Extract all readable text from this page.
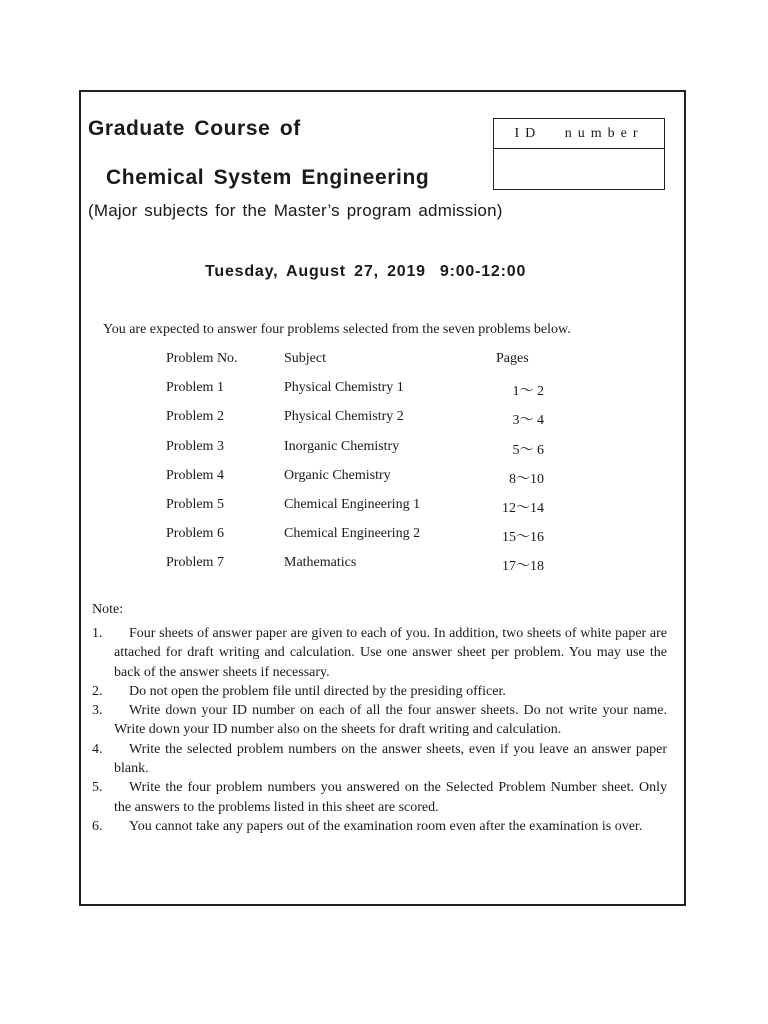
Graduate Course of
Chemical System Engineering
(Major subjects for the Master’s program admission)
ID number
Tuesday, August 27, 2019 9:00-12:00
You are expected to answer four problems selected from the seven problems below.
Problem No.	Subject	Pages
Problem 1	Physical Chemistry 1	1〜 2
Problem 2	Physical Chemistry 2	3〜 4
Problem 3	Inorganic Chemistry	5〜 6
Problem 4	Organic Chemistry	8〜10
Problem 5	Chemical Engineering 1	12〜14
Problem 6	Chemical Engineering 2	15〜16
Problem 7	Mathematics	17〜18
Note:
1.	Four sheets of answer paper are given to each of you. In addition, two sheets of white paper are attached for draft writing and calculation. Use one answer sheet per problem. You may use the back of the answer sheets if necessary.
2.	Do not open the problem file until directed by the presiding officer.
3.	Write down your ID number on each of all the four answer sheets. Do not write your name. Write down your ID number also on the sheets for draft writing and calculation.
4.	Write the selected problem numbers on the answer sheets, even if you leave an answer paper blank.
5.	Write the four problem numbers you answered on the Selected Problem Number sheet. Only the answers to the problems listed in this sheet are scored.
6.	You cannot take any papers out of the examination room even after the examination is over.
